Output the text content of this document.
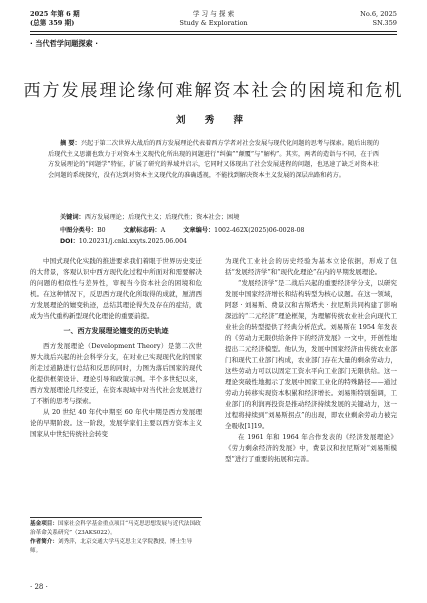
2025 年第 6 期
(总第 359 期)
学 习 与 探 索
Study & Exploration
No.6, 2025
SN.359
· 当代哲学问题探索 ·
西方发展理论缘何难解资本社会的困境和危机
刘 秀 萍
摘 要：兴起于第二次世界大战后的西方发展理论代表着西方学者对社会发展与现代化问题的思考与探索。随后出现的后现代主义思潮也致力于对资本主义现代化所出现的问题进行“纠偏”“颠覆”与“解构”。其实，两者的造诣与不同，在于西方发展理论的“问题学”特征，扩展了研究的界域并启示，它同时又体现出了社会发展进程的问题，也迅速了缺乏对资本社会问题的系统探究，没有达到对资本主义现代化的准确透视，不能找到解决资本主义发展的深层出路和药方。
关键词：西方发展理论；后现代主义；后现代性；资本社会；困境
中图分类号：B0	文献标志码：A	文章编号：1002-462X(2025)06-0028-08
DOI：10.20231/j.cnki.xxyts.2025.06.004

中国式现代化实践的推进要求我们着眼于世界历史变迁的大背景，客观认识中西方现代化过程中所面对和需要解决的问题的相似性与差异性，审视当今资本社会的困境和危机。在这种情况下，反思西方现代化所取得的成就，厘清西方发展理论的嬗变轨迹，总结其理论得失及存在的症结，就成为当代重构新型现代化理论的重要前提。

一、西方发展理论嬗变的历史轨迹

西方发展理论（Development Theory）是第二次世界大战后兴起的社会科学分支，在对业已实现现代化的国家所走过道路进行总结和反思的同时，力图为落后国家的现代化提供框架设计、理论引导和政策示例。半个多世纪以来，西方发展理论几经变迁，在资本现域中对当代社会发展进行了不断的思考与探索。

从 20 世纪 40 年代中期至 60 年代中期是西方发展理论的早期阶段。这一阶段，发展学家们主要以西方资本主义国家从中世纪传统社会转变

为现代工业社会的历史经验为基本立论依据，形成了包括“发展经济学”和“现代化理论”在内的早期发展理论。

“发展经济学”是二战后兴起的重要经济学分支，以研究发展中国家经济增长和结构转型为核心议题。在这一领域，阿瑟 · 刘易斯、费景汉和古斯塔夫 · 拉尼斯共同构建了影响深远的“二元经济”理论框架，为理解传统农业社会向现代工业社会的转型提供了经典分析范式。刘易斯在 1954 年发表的《劳动力无限供给条件下的经济发展》一文中，开创性地提出二元经济模型。他认为，发展中国家经济由传统农业部门和现代工业部门构成，农业部门存在大量的剩余劳动力，这些劳动力可以以固定工资水平向工业部门无限供给。这一理论突破性地揭示了发展中国家工业化的特殊路径——通过劳动力转移实现资本积累和经济增长。刘易斯特别强调，工业部门的利润再投资是推动经济持续发展的关键动力，这一过程将持续到“刘易斯拐点”的出现，即农业剩余劳动力被完全吸收[1]19。

在 1961 年和 1964 年合作发表的《经济发展理论》《劳力剩余经济的发展》中，费景汉和拉尼斯对“刘易斯模型”进行了重要的拓展和完善。

基金项目：国家社会科学基金重点项目“马克思思想发展与近代法国政治革命关系研究”（23AKS022）。

作者简介：刘秀萍，北京交通大学马克思主义学院教授，博士生导师。

· 28 ·
